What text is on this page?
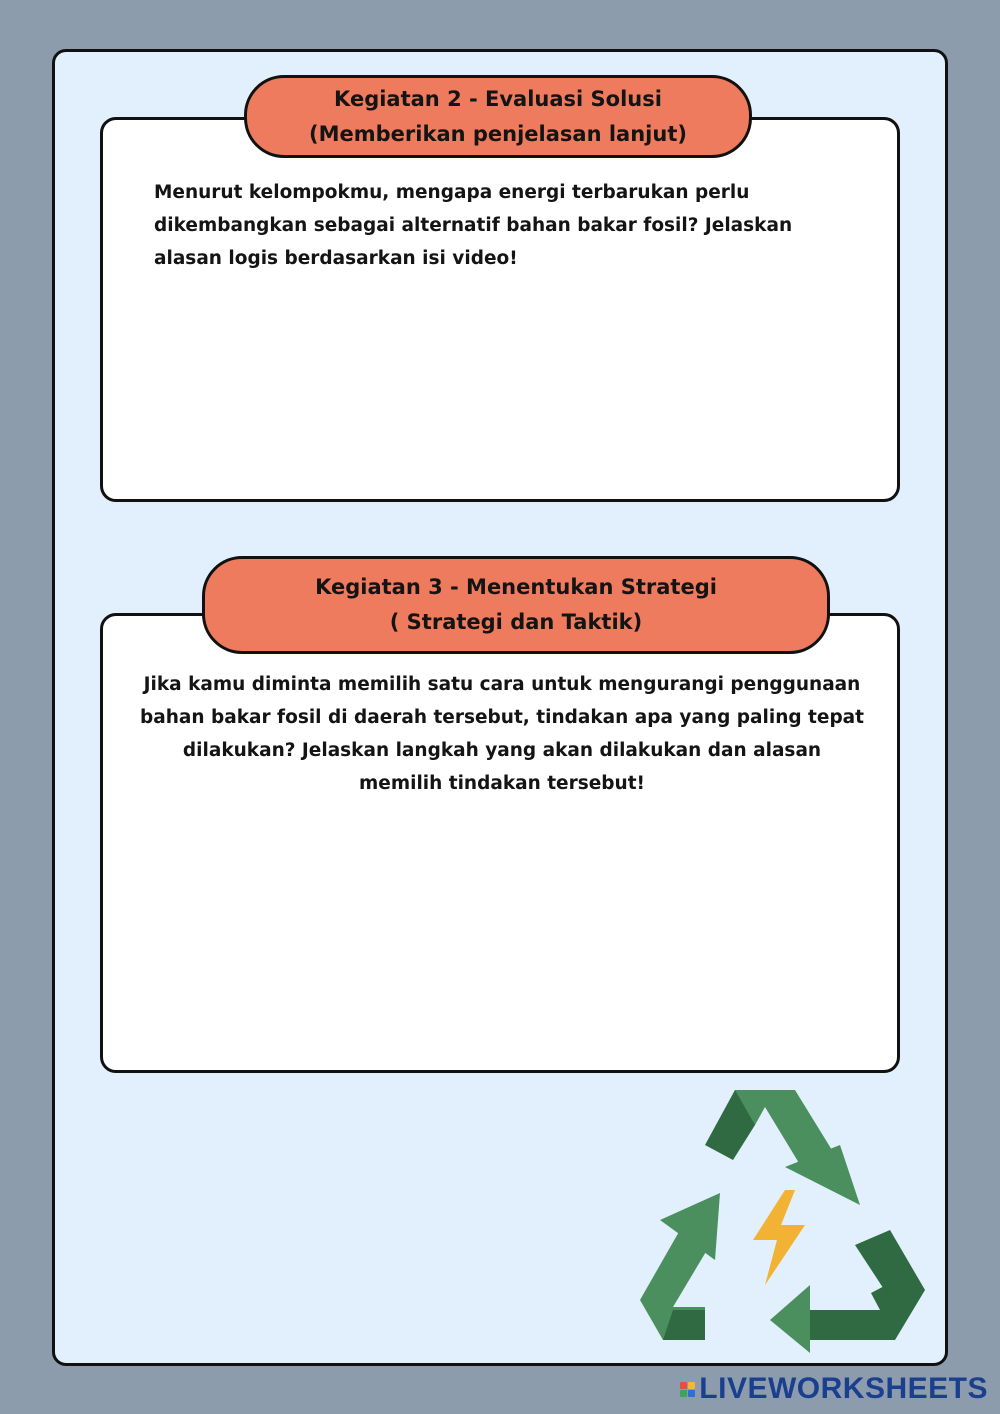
Kegiatan 2 - Evaluasi Solusi
(Memberikan penjelasan lanjut)
Menurut kelompokmu, mengapa energi terbarukan perlu
dikembangkan sebagai alternatif bahan bakar fosil? Jelaskan
alasan logis berdasarkan isi video!
Kegiatan 3 - Menentukan Strategi
( Strategi dan Taktik)
Jika kamu diminta memilih satu cara untuk mengurangi penggunaan
bahan bakar fosil di daerah tersebut, tindakan apa yang paling tepat
dilakukan? Jelaskan langkah yang akan dilakukan dan alasan
memilih tindakan tersebut!
LIVEWORKSHEETS
